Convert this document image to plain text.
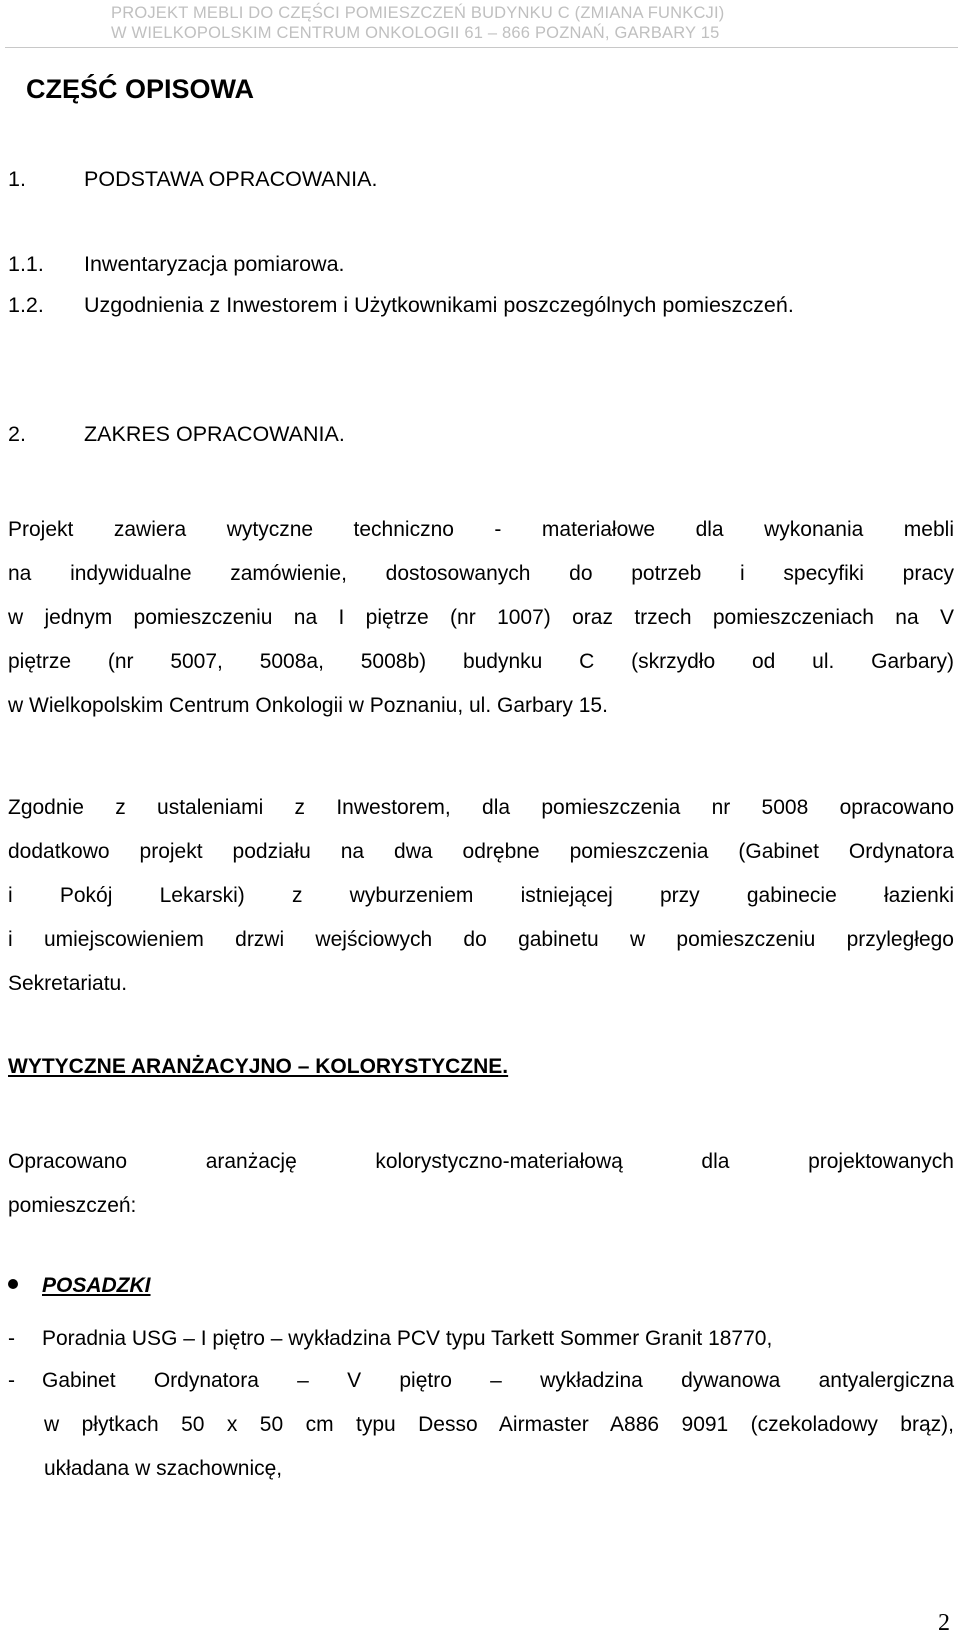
PROJEKT MEBLI DO CZĘŚCI POMIESZCZEŃ BUDYNKU C (ZMIANA FUNKCJI)
W WIELKOPOLSKIM CENTRUM ONKOLOGII 61 – 866 POZNAŃ, GARBARY 15
CZĘŚĆ OPISOWA
1.	PODSTAWA OPRACOWANIA.
1.1. Inwentaryzacja pomiarowa.
1.2. Uzgodnienia z Inwestorem i Użytkownikami poszczególnych pomieszczeń.
2.	ZAKRES OPRACOWANIA.
Projekt zawiera wytyczne techniczno - materiałowe dla wykonania mebli
na indywidualne zamówienie, dostosowanych do potrzeb i specyfiki pracy
w jednym pomieszczeniu na I piętrze (nr 1007) oraz trzech pomieszczeniach na V
piętrze (nr 5007, 5008a, 5008b) budynku C (skrzydło od ul. Garbary)
w Wielkopolskim Centrum Onkologii w Poznaniu, ul. Garbary 15.
Zgodnie z ustaleniami z Inwestorem, dla pomieszczenia nr 5008 opracowano
dodatkowo projekt podziału na dwa odrębne pomieszczenia (Gabinet Ordynatora
i Pokój Lekarski) z wyburzeniem istniejącej przy gabinecie łazienki
i umiejscowieniem drzwi wejściowych do gabinetu w pomieszczeniu przyległego
Sekretariatu.
WYTYCZNE ARANŻACYJNO – KOLORYSTYCZNE.
Opracowano aranżację kolorystyczno-materiałową dla projektowanych
pomieszczeń:
POSADZKI
- Poradnia USG – I piętro – wykładzina PCV typu Tarkett Sommer Granit 18770,
- Gabinet Ordynatora – V piętro – wykładzina dywanowa antyalergiczna
w płytkach 50 x 50 cm typu Desso Airmaster A886 9091 (czekoladowy brąz),
układana w szachownicę,
2
